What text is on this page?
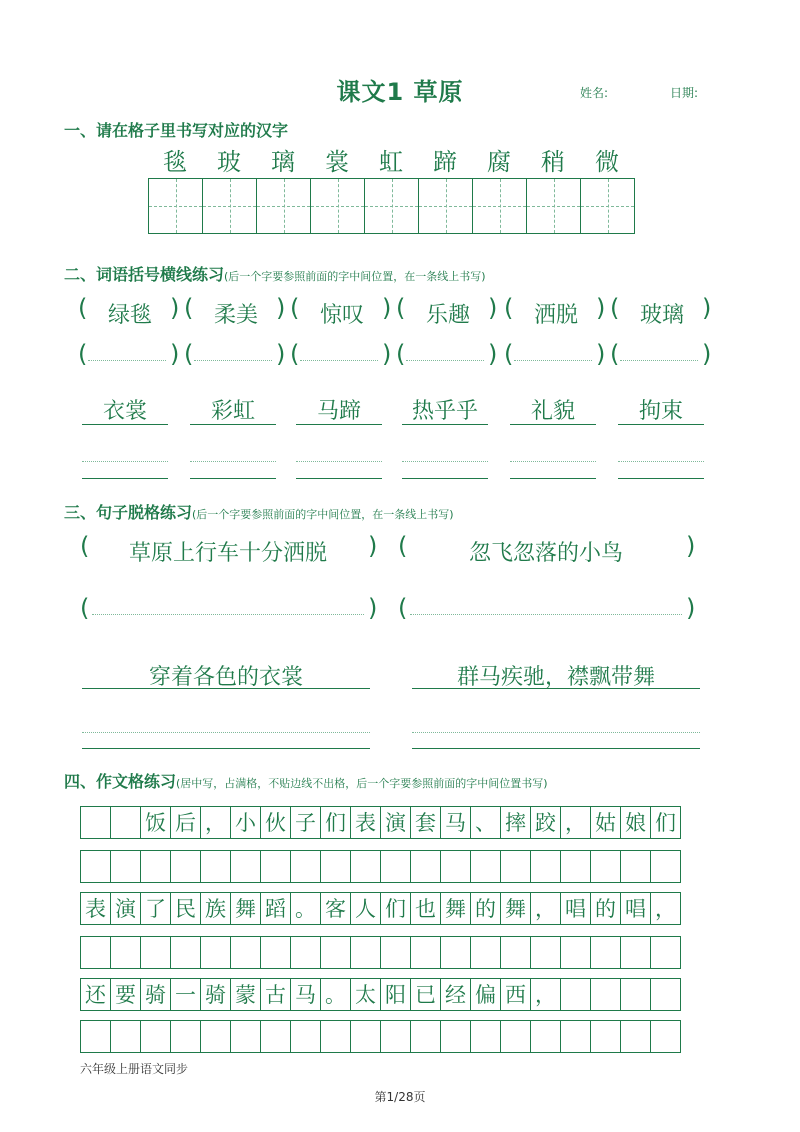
课文1 草原	姓名:	日期:
一、请在格子里书写对应的汉字
毯	玻	璃	裳	虹	蹄	腐	稍	微
二、词语括号横线练习(后一个字要参照前面的字中间位置，在一条线上书写)
( 绿毯 )
(	)
( 柔美 )
(	)
( 惊叹 )
(	)
( 乐趣 )
(	)
( 洒脱 )
(	)
( 玻璃 )
(	)
衣裳	彩虹	马蹄	热乎乎	礼貌	拘束
三、句子脱格练习(后一个字要参照前面的字中间位置，在一条线上书写)
(	草原上行车十分洒脱	)
(	)
(	忽飞忽落的小鸟	)
(	)
穿着各色的衣裳	群马疾驰，襟飘带舞
四、作文格练习(居中写，占满格，不贴边线不出格，后一个字要参照前面的字中间位置书写)
饭 后 ， 小 伙 子 们 表 演 套 马 、 摔 跤 ， 姑 娘 们
表 演 了 民 族 舞 蹈 。 客 人 们 也 舞 的 舞 ， 唱 的 唱 ，
还 要 骑 一 骑 蒙 古 马 。 太 阳 已 经 偏 西 ，
六年级上册语文同步
第1/28页
